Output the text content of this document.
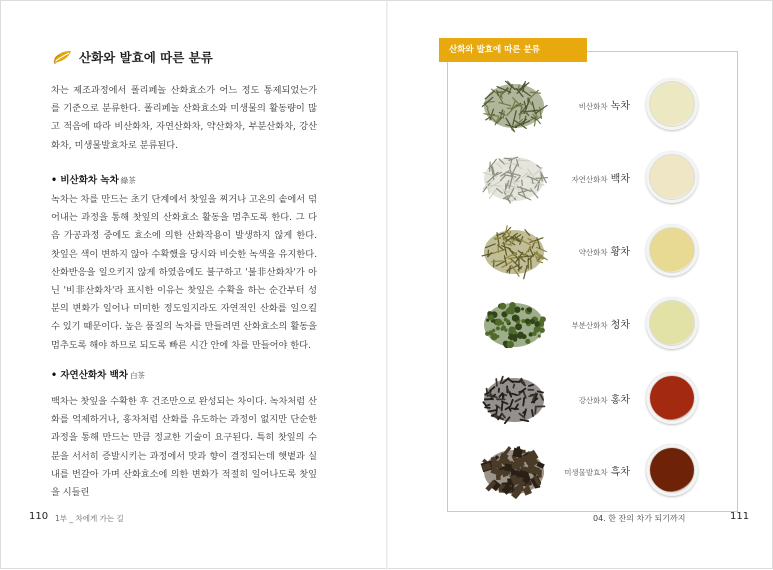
산화와 발효에 따른 분류

차는 제조과정에서 폴리페놀 산화효소가 어느 정도 통제되었는가를 기준으로 분류한다. 폴리페놀 산화효소와 미생물의 활동량이 많고 적음에 따라 비산화차, 자연산화차, 약산화차, 부분산화차, 강산화차, 미생물발효차로 분류된다.

• 비산화차 녹차 綠茶

녹차는 차를 만드는 초기 단계에서 찻잎을 찌거나 고온의 솥에서 덖어내는 과정을 통해 찻잎의 산화효소 활동을 멈추도록 한다. 그 다음 가공과정 중에도 효소에 의한 산화작용이 발생하지 않게 한다. 찻잎은 색이 변하지 않아 수확했을 당시와 비슷한 녹색을 유지한다. 산화반응을 일으키지 않게 하였음에도 불구하고 '불非산화차'가 아닌 '비非산화차'라 표시한 이유는 찻잎은 수확을 하는 순간부터 성분의 변화가 일어나 미미한 정도일지라도 자연적인 산화를 일으킬 수 있기 때문이다. 높은 품질의 녹차를 만들려면 산화효소의 활동을 멈추도록 해야 하므로 되도록 빠른 시간 안에 차를 만들어야 한다.

• 자연산화차 백차 白茶

백차는 찻잎을 수확한 후 건조만으로 완성되는 차이다. 녹차처럼 산화를 억제하거나, 홍차처럼 산화를 유도하는 과정이 없지만 단순한 과정을 통해 만드는 만큼 정교한 기술이 요구된다. 특히 찻잎의 수분을 서서히 증발시키는 과정에서 맛과 향이 결정되는데 햇볕과 실내를 번갈아 가며 산화효소에 의한 변화가 적절히 일어나도록 찻잎을 시들린

110 1부 _ 차에게 가는 길
산화와 발효에 따른 분류
비산화차 녹차
자연산화차 백차
약산화차 황차
부분산화차 청차
강산화차 홍차
미생물발효차 흑차
04. 한 잔의 차가 되기까지	111
